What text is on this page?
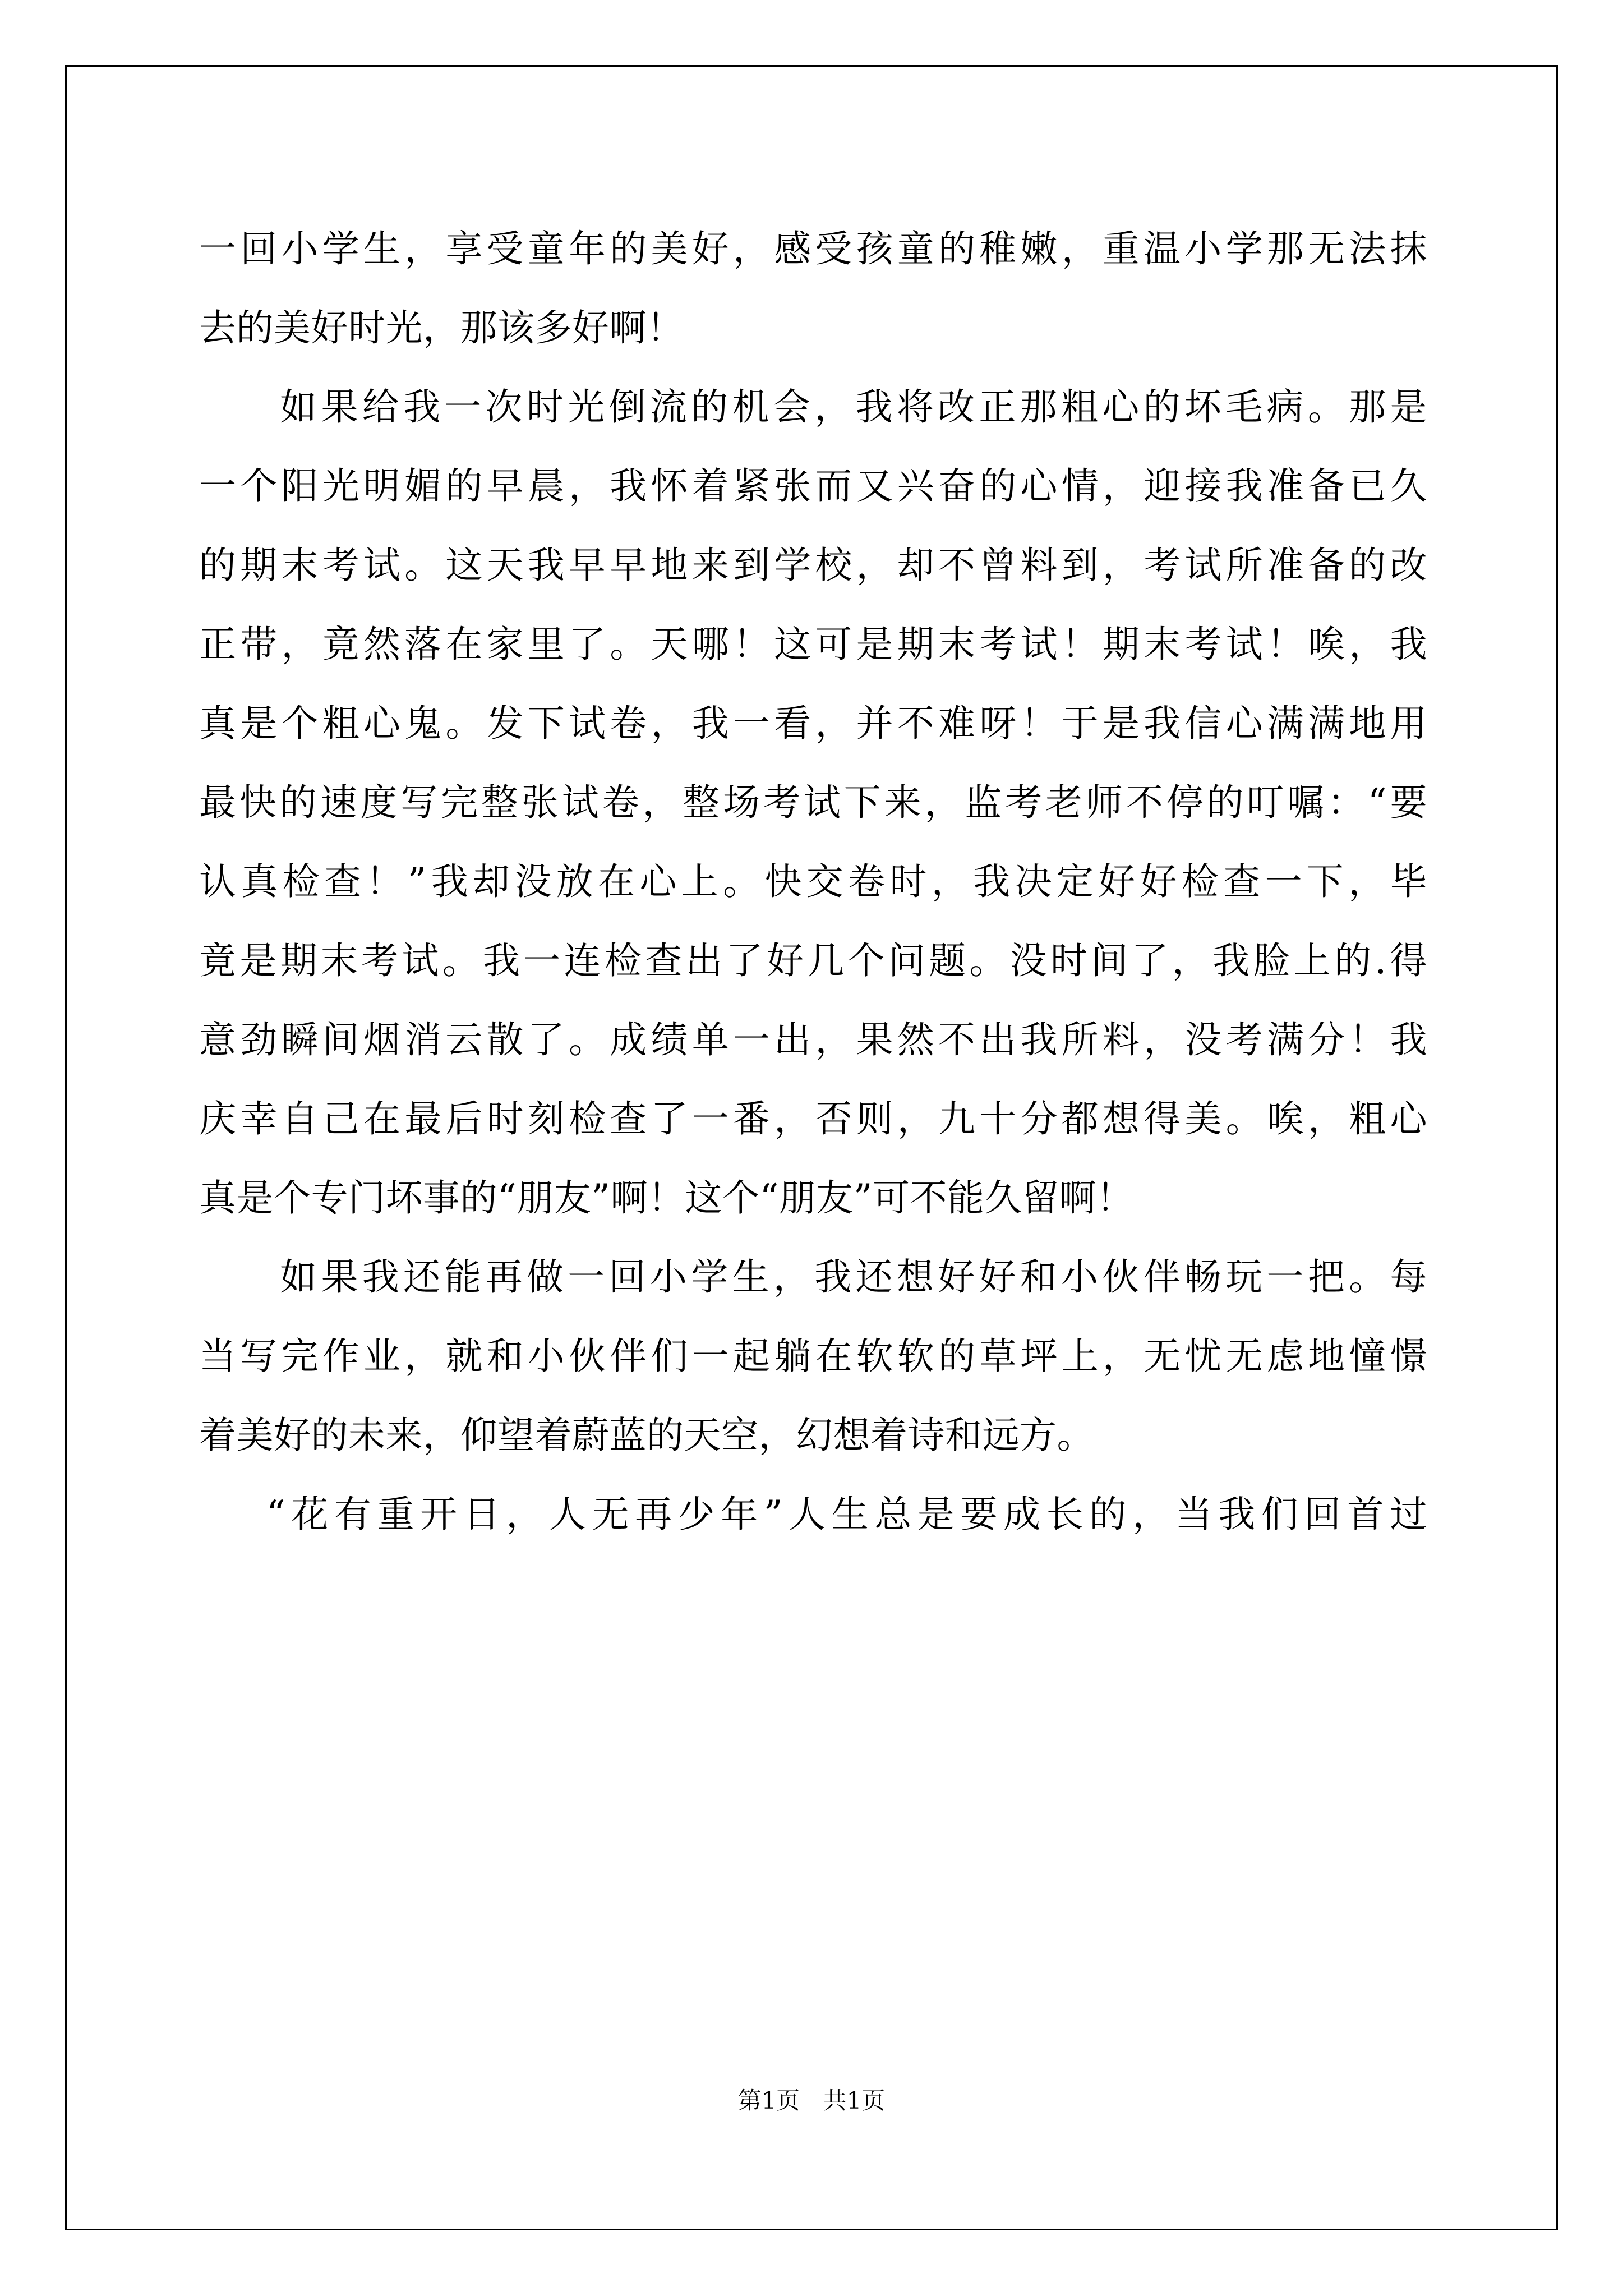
一回小学生，享受童年的美好，感受孩童的稚嫩，重温小学那无法抹
去的美好时光，那该多好啊！
如果给我一次时光倒流的机会，我将改正那粗心的坏毛病。那是
一个阳光明媚的早晨，我怀着紧张而又兴奋的心情，迎接我准备已久
的期末考试。这天我早早地来到学校，却不曾料到，考试所准备的改
正带，竟然落在家里了。天哪！这可是期末考试！期末考试！唉，我
真是个粗心鬼。发下试卷，我一看，并不难呀！于是我信心满满地用
最快的速度写完整张试卷，整场考试下来，监考老师不停的叮嘱：“要
认真检查！”我却没放在心上。快交卷时，我决定好好检查一下，毕
竟是期末考试。我一连检查出了好几个问题。没时间了，我脸上的.得
意劲瞬间烟消云散了。成绩单一出，果然不出我所料，没考满分！我
庆幸自己在最后时刻检查了一番，否则，九十分都想得美。唉，粗心
真是个专门坏事的“朋友”啊！这个“朋友”可不能久留啊！
如果我还能再做一回小学生，我还想好好和小伙伴畅玩一把。每
当写完作业，就和小伙伴们一起躺在软软的草坪上，无忧无虑地憧憬
着美好的未来，仰望着蔚蓝的天空，幻想着诗和远方。
“花有重开日，人无再少年”人生总是要成长的，当我们回首过
第1页 共1页
